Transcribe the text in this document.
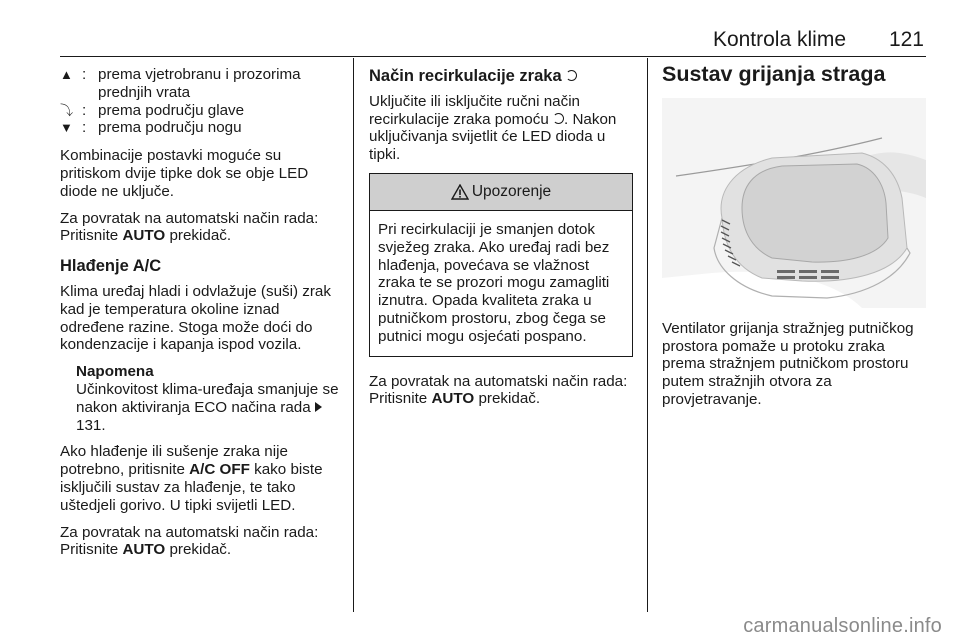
Kontrola klime 121
▲ : prema vjetrobranu i prozorima prednjih vrata
⤵ : prema području glave
▼ : prema području nogu

Kombinacije postavki moguće su pritiskom dvije tipke dok se obje LED diode ne uključe.

Za povratak na automatski način rada: Pritisnite AUTO prekidač.

Hlađenje A/C

Klima uređaj hladi i odvlažuje (suši) zrak kad je temperatura okoline iznad određene razine. Stoga može doći do kondenzacije i kapanja ispod vozila.

Napomena
Učinkovitost klima-uređaja smanjuje se nakon aktiviranja ECO načina rada 131.

Ako hlađenje ili sušenje zraka nije potrebno, pritisnite A/C OFF kako biste isključili sustav za hlađenje, te tako uštedjeli gorivo. U tipki svijetli LED.

Za povratak na automatski način rada: Pritisnite AUTO prekidač.

Način recirkulacije zraka

Uključite ili isključite ručni način recirkulacije zraka pomoću . Nakon uključivanja svijetlit će LED dioda u tipki.

Upozorenje
Pri recirkulaciji je smanjen dotok svježeg zraka. Ako uređaj radi bez hlađenja, povećava se vlažnost zraka te se prozori mogu zamagliti iznutra. Opada kvaliteta zraka u putničkom prostoru, zbog čega se putnici mogu osjećati pospano.

Za povratak na automatski način rada: Pritisnite AUTO prekidač.

Sustav grijanja straga

Ventilator grijanja stražnjeg putničkog prostora pomaže u protoku zraka prema stražnjem putničkom prostoru putem stražnjih otvora za provjetravanje.

carmanualsonline.info
